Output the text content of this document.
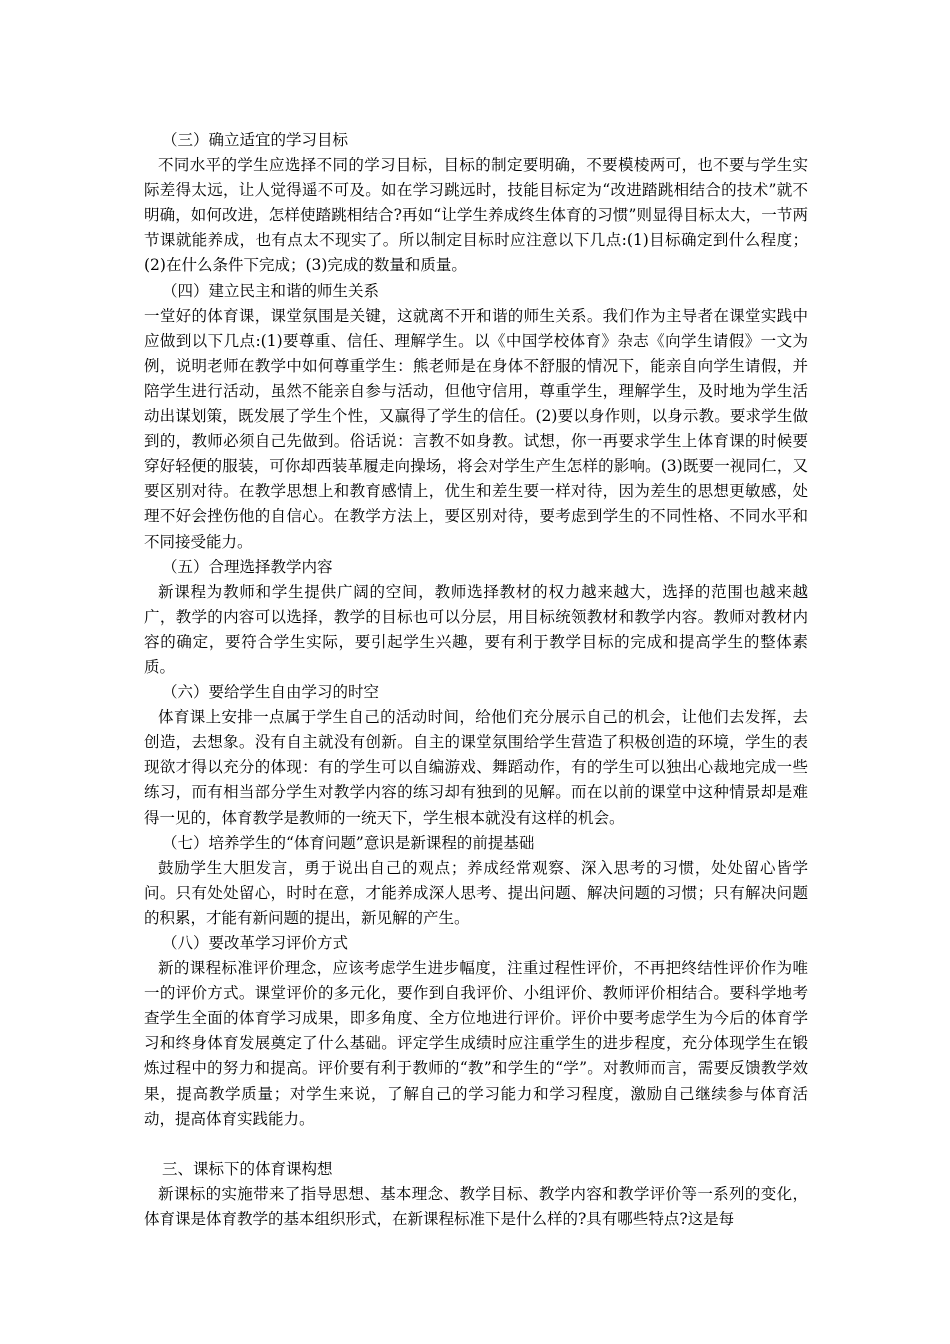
（三）确立适宜的学习目标
不同水平的学生应选择不同的学习目标，目标的制定要明确，不要模棱两可，也不要与学生实际差得太远，让人觉得遥不可及。如在学习跳远时，技能目标定为“改进踏跳相结合的技术”就不明确，如何改进，怎样使踏跳相结合?再如“让学生养成终生体育的习惯”则显得目标太大，一节两节课就能养成，也有点太不现实了。所以制定目标时应注意以下几点:(1)目标确定到什么程度；(2)在什么条件下完成；(3)完成的数量和质量。
（四）建立民主和谐的师生关系
一堂好的体育课，课堂氛围是关键，这就离不开和谐的师生关系。我们作为主导者在课堂实践中应做到以下几点:(1)要尊重、信任、理解学生。以《中国学校体育》杂志《向学生请假》一文为例，说明老师在教学中如何尊重学生：熊老师是在身体不舒服的情况下，能亲自向学生请假，并陪学生进行活动，虽然不能亲自参与活动，但他守信用，尊重学生，理解学生，及时地为学生活动出谋划策，既发展了学生个性，又赢得了学生的信任。(2)要以身作则，以身示教。要求学生做到的，教师必须自己先做到。俗话说：言教不如身教。试想，你一再要求学生上体育课的时候要穿好轻便的服装，可你却西装革履走向操场，将会对学生产生怎样的影响。(3)既要一视同仁，又要区别对待。在教学思想上和教育感情上，优生和差生要一样对待，因为差生的思想更敏感，处理不好会挫伤他的自信心。在教学方法上，要区别对待，要考虑到学生的不同性格、不同水平和不同接受能力。
（五）合理选择教学内容
新课程为教师和学生提供广阔的空间，教师选择教材的权力越来越大，选择的范围也越来越广，教学的内容可以选择，教学的目标也可以分层，用目标统领教材和教学内容。教师对教材内容的确定，要符合学生实际，要引起学生兴趣，要有利于教学目标的完成和提高学生的整体素质。
（六）要给学生自由学习的时空
体育课上安排一点属于学生自己的活动时间，给他们充分展示自己的机会，让他们去发挥，去创造，去想象。没有自主就没有创新。自主的课堂氛围给学生营造了积极创造的环境，学生的表现欲才得以充分的体现：有的学生可以自编游戏、舞蹈动作，有的学生可以独出心裁地完成一些练习，而有相当部分学生对教学内容的练习却有独到的见解。而在以前的课堂中这种情景却是难得一见的，体育教学是教师的一统天下，学生根本就没有这样的机会。
（七）培养学生的“体育问题”意识是新课程的前提基础
鼓励学生大胆发言，勇于说出自己的观点；养成经常观察、深入思考的习惯，处处留心皆学问。只有处处留心，时时在意，才能养成深人思考、提出问题、解决问题的习惯；只有解决问题的积累，才能有新问题的提出，新见解的产生。
（八）要改革学习评价方式
新的课程标准评价理念，应该考虑学生进步幅度，注重过程性评价，不再把终结性评价作为唯一的评价方式。课堂评价的多元化，要作到自我评价、小组评价、教师评价相结合。要科学地考查学生全面的体育学习成果，即多角度、全方位地进行评价。评价中要考虑学生为今后的体育学习和终身体育发展奠定了什么基础。评定学生成绩时应注重学生的进步程度，充分体现学生在锻炼过程中的努力和提高。评价要有利于教师的“教”和学生的“学”。对教师而言，需要反馈教学效果，提高教学质量；对学生来说，了解自己的学习能力和学习程度，激励自己继续参与体育活动，提高体育实践能力。
三、课标下的体育课构想
新课标的实施带来了指导思想、基本理念、教学目标、教学内容和教学评价等一系列的变化，体育课是体育教学的基本组织形式，在新课程标准下是什么样的?具有哪些特点?这是每
